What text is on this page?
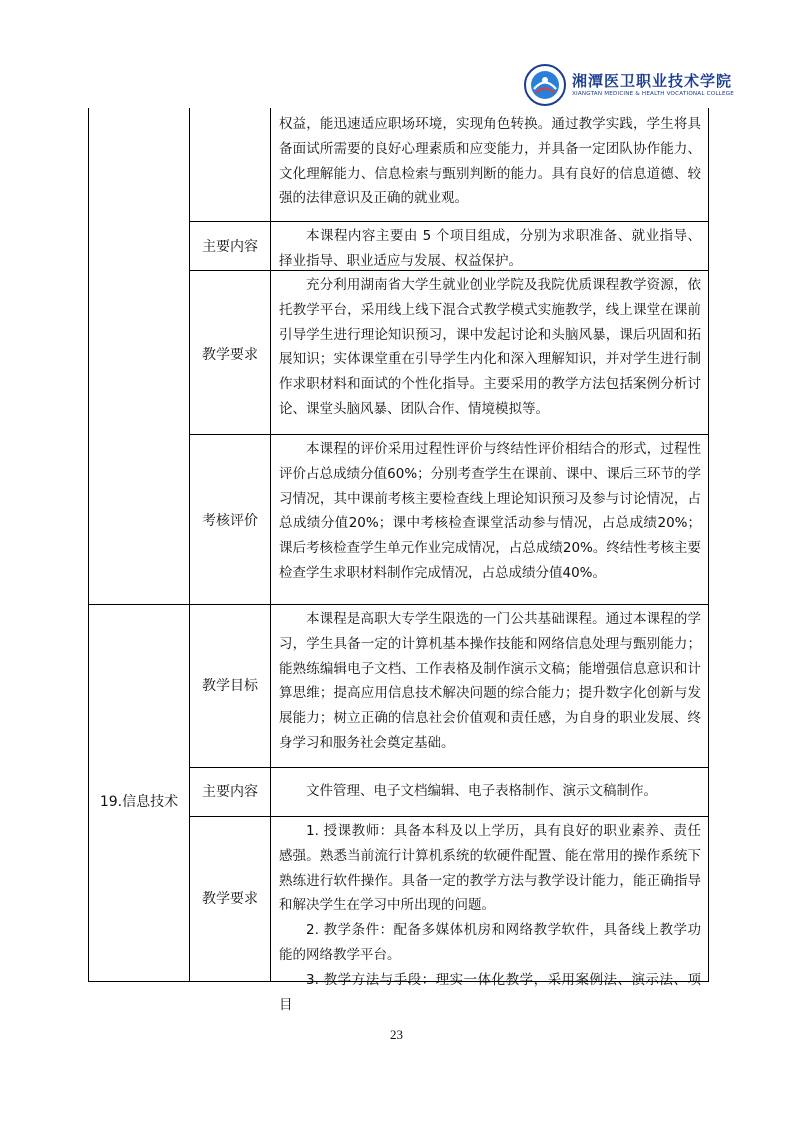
湘潭医卫职业技术学院
XIANGTAN MEDICINE & HEALTH VOCATIONAL COLLEGE

权益，能迅速适应职场环境，实现角色转换。通过教学实践，学生将具备面试所需要的良好心理素质和应变能力，并具备一定团队协作能力、文化理解能力、信息检索与甄别判断的能力。具有良好的信息道德、较强的法律意识及正确的就业观。

主要内容

本课程内容主要由 5 个项目组成，分别为求职准备、就业指导、择业指导、职业适应与发展、权益保护。

教学要求

充分利用湖南省大学生就业创业学院及我院优质课程教学资源，依托教学平台，采用线上线下混合式教学模式实施教学，线上课堂在课前引导学生进行理论知识预习，课中发起讨论和头脑风暴，课后巩固和拓展知识；实体课堂重在引导学生内化和深入理解知识，并对学生进行制作求职材料和面试的个性化指导。主要采用的教学方法包括案例分析讨论、课堂头脑风暴、团队合作、情境模拟等。

考核评价

本课程的评价采用过程性评价与终结性评价相结合的形式，过程性评价占总成绩分值60%；分别考查学生在课前、课中、课后三环节的学习情况，其中课前考核主要检查线上理论知识预习及参与讨论情况，占总成绩分值20%；课中考核检查课堂活动参与情况，占总成绩20%；课后考核检查学生单元作业完成情况，占总成绩20%。终结性考核主要检查学生求职材料制作完成情况，占总成绩分值40%。

19.信息技术
教学目标

本课程是高职大专学生限选的一门公共基础课程。通过本课程的学习，学生具备一定的计算机基本操作技能和网络信息处理与甄别能力；能熟练编辑电子文档、工作表格及制作演示文稿；能增强信息意识和计算思维；提高应用信息技术解决问题的综合能力；提升数字化创新与发展能力；树立正确的信息社会价值观和责任感，为自身的职业发展、终身学习和服务社会奠定基础。

主要内容	文件管理、电子文档编辑、电子表格制作、演示文稿制作。

教学要求

1. 授课教师：具备本科及以上学历，具有良好的职业素养、责任感强。熟悉当前流行计算机系统的软硬件配置、能在常用的操作系统下熟练进行软件操作。具备一定的教学方法与教学设计能力，能正确指导和解决学生在学习中所出现的问题。

2. 教学条件：配备多媒体机房和网络教学软件，具备线上教学功能的网络教学平台。

3. 教学方法与手段：理实一体化教学，采用案例法、演示法、项目

23
